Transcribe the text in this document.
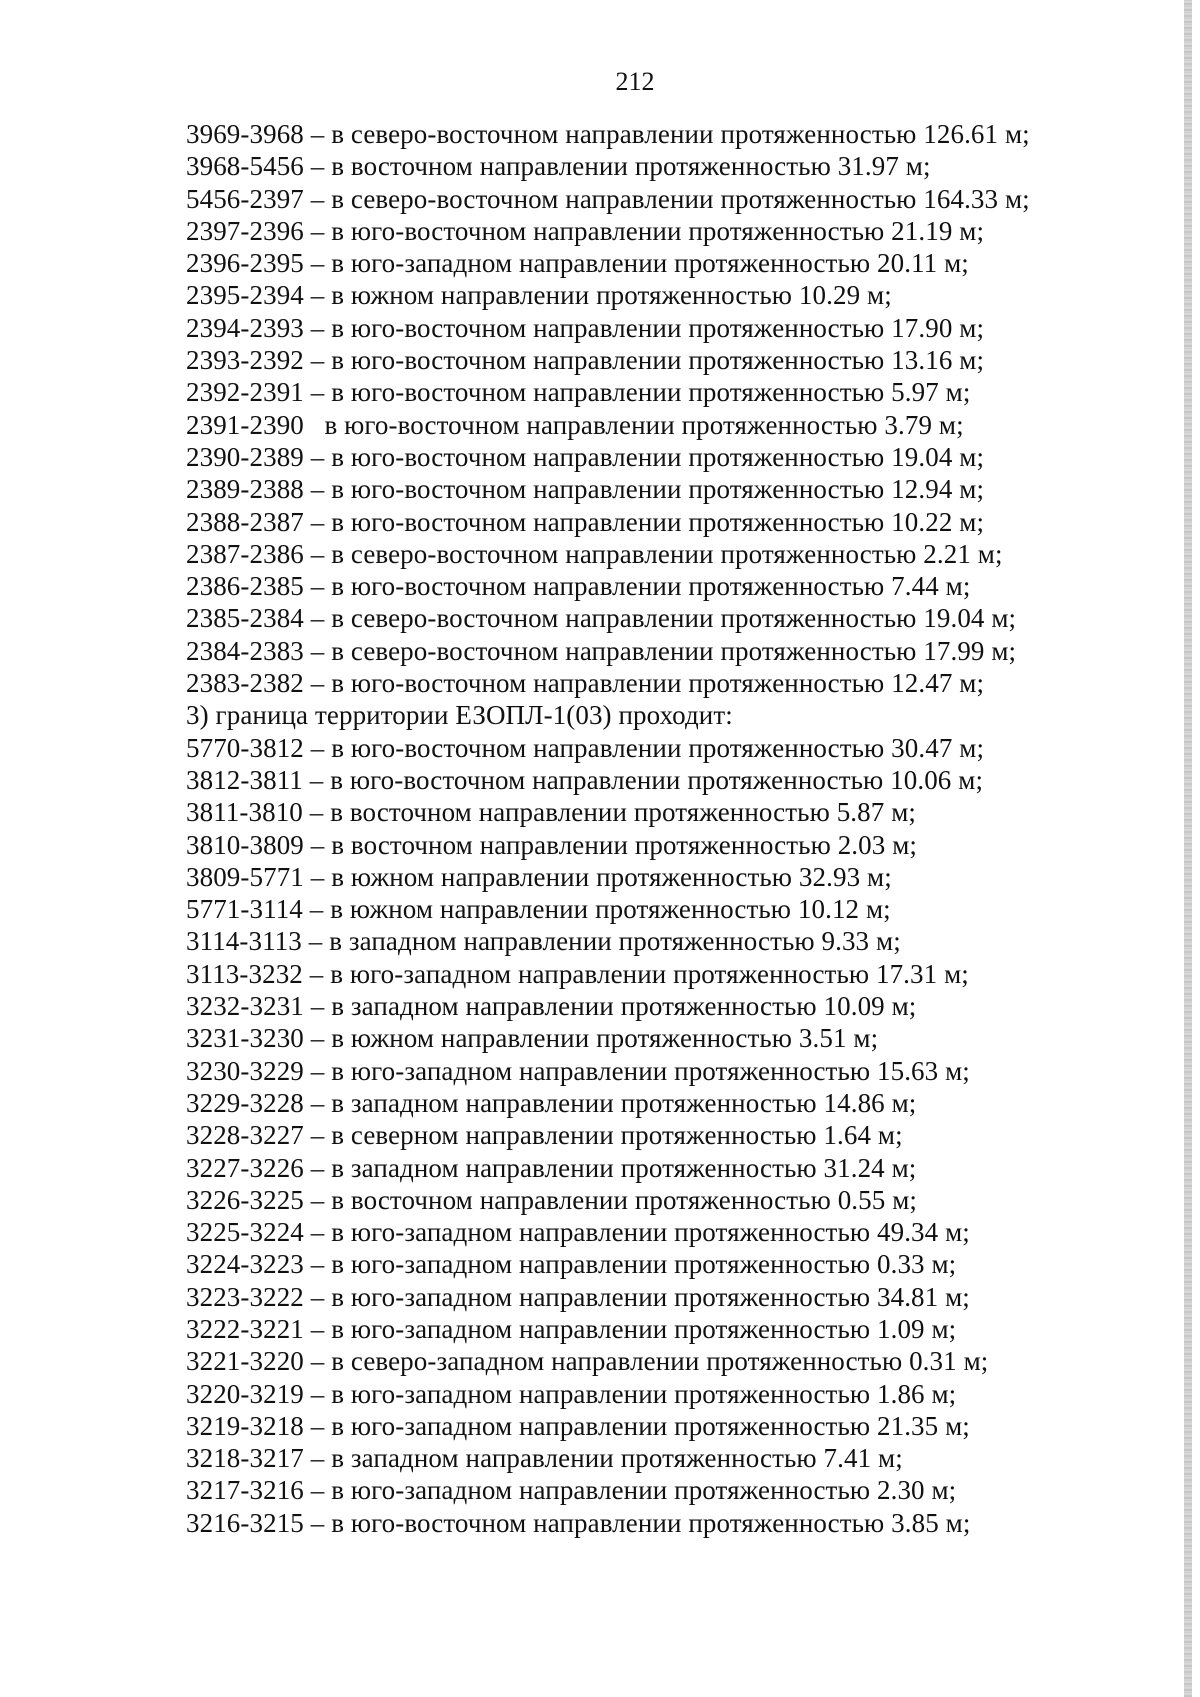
212
3969-3968 – в северо-восточном направлении протяженностью 126.61 м;
3968-5456 – в восточном направлении протяженностью 31.97 м;
5456-2397 – в северо-восточном направлении протяженностью 164.33 м;
2397-2396 – в юго-восточном направлении протяженностью 21.19 м;
2396-2395 – в юго-западном направлении протяженностью 20.11 м;
2395-2394 – в южном направлении протяженностью 10.29 м;
2394-2393 – в юго-восточном направлении протяженностью 17.90 м;
2393-2392 – в юго-восточном направлении протяженностью 13.16 м;
2392-2391 – в юго-восточном направлении протяженностью 5.97 м;
2391-2390   в юго-восточном направлении протяженностью 3.79 м;
2390-2389 – в юго-восточном направлении протяженностью 19.04 м;
2389-2388 – в юго-восточном направлении протяженностью 12.94 м;
2388-2387 – в юго-восточном направлении протяженностью 10.22 м;
2387-2386 – в северо-восточном направлении протяженностью 2.21 м;
2386-2385 – в юго-восточном направлении протяженностью 7.44 м;
2385-2384 – в северо-восточном направлении протяженностью 19.04 м;
2384-2383 – в северо-восточном направлении протяженностью 17.99 м;
2383-2382 – в юго-восточном направлении протяженностью 12.47 м;
3) граница территории ЕЗОПЛ-1(03) проходит:
5770-3812 – в юго-восточном направлении протяженностью 30.47 м;
3812-3811 – в юго-восточном направлении протяженностью 10.06 м;
3811-3810 – в восточном направлении протяженностью 5.87 м;
3810-3809 – в восточном направлении протяженностью 2.03 м;
3809-5771 – в южном направлении протяженностью 32.93 м;
5771-3114 – в южном направлении протяженностью 10.12 м;
3114-3113 – в западном направлении протяженностью 9.33 м;
3113-3232 – в юго-западном направлении протяженностью 17.31 м;
3232-3231 – в западном направлении протяженностью 10.09 м;
3231-3230 – в южном направлении протяженностью 3.51 м;
3230-3229 – в юго-западном направлении протяженностью 15.63 м;
3229-3228 – в западном направлении протяженностью 14.86 м;
3228-3227 – в северном направлении протяженностью 1.64 м;
3227-3226 – в западном направлении протяженностью 31.24 м;
3226-3225 – в восточном направлении протяженностью 0.55 м;
3225-3224 – в юго-западном направлении протяженностью 49.34 м;
3224-3223 – в юго-западном направлении протяженностью 0.33 м;
3223-3222 – в юго-западном направлении протяженностью 34.81 м;
3222-3221 – в юго-западном направлении протяженностью 1.09 м;
3221-3220 – в северо-западном направлении протяженностью 0.31 м;
3220-3219 – в юго-западном направлении протяженностью 1.86 м;
3219-3218 – в юго-западном направлении протяженностью 21.35 м;
3218-3217 – в западном направлении протяженностью 7.41 м;
3217-3216 – в юго-западном направлении протяженностью 2.30 м;
3216-3215 – в юго-восточном направлении протяженностью 3.85 м;
